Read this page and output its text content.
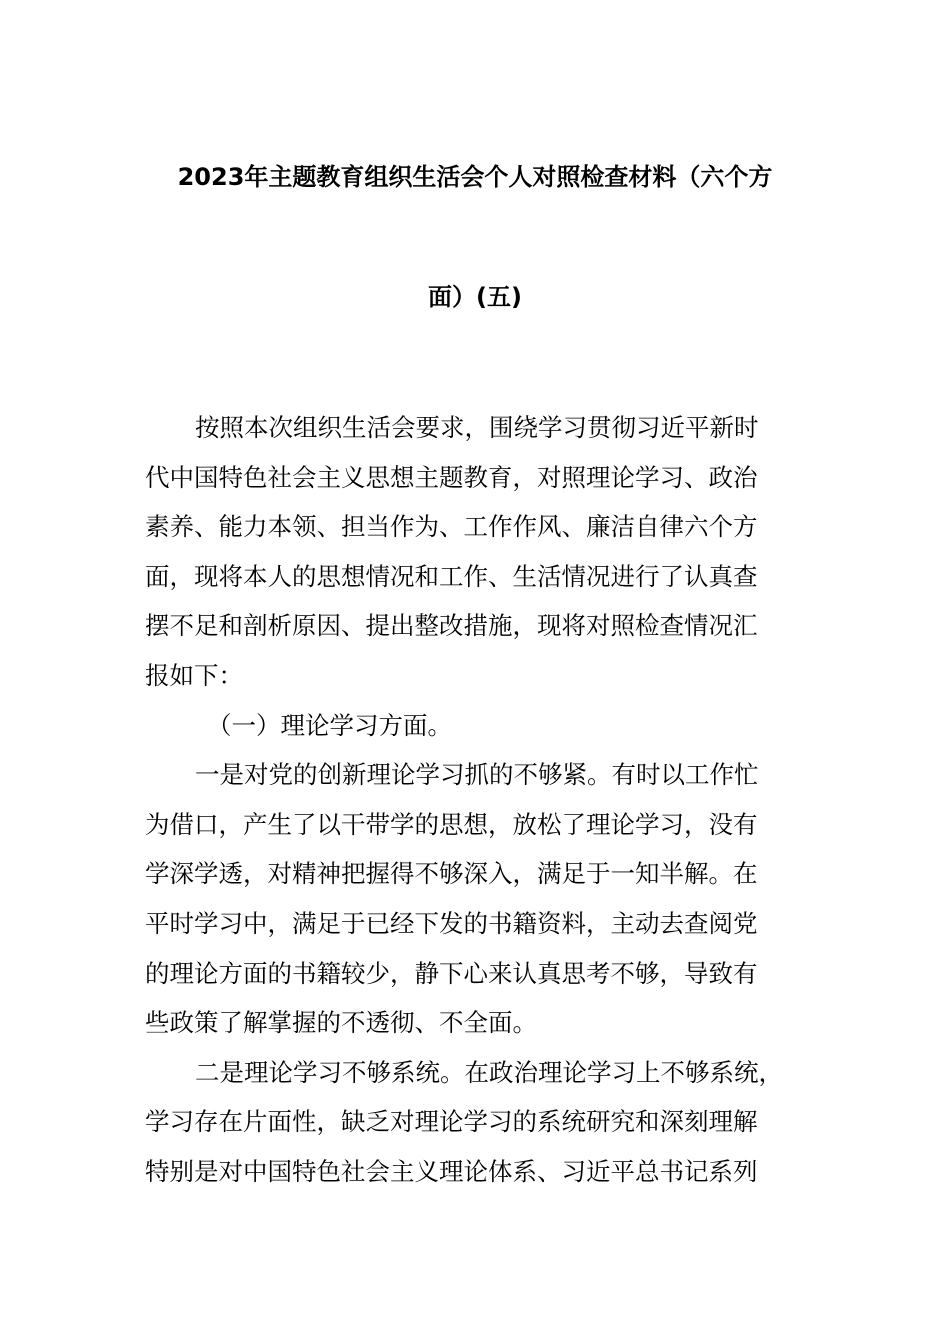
2023年主题教育组织生活会个人对照检查材料（六个方
面）(五)

按照本次组织生活会要求，围绕学习贯彻习近平新时
代中国特色社会主义思想主题教育，对照理论学习、政治
素养、能力本领、担当作为、工作作风、廉洁自律六个方
面，现将本人的思想情况和工作、生活情况进行了认真查
摆不足和剖析原因、提出整改措施，现将对照检查情况汇
报如下：

（一）理论学习方面。

一是对党的创新理论学习抓的不够紧。有时以工作忙
为借口，产生了以干带学的思想，放松了理论学习，没有
学深学透，对精神把握得不够深入，满足于一知半解。在
平时学习中，满足于已经下发的书籍资料，主动去查阅党
的理论方面的书籍较少，静下心来认真思考不够，导致有
些政策了解掌握的不透彻、不全面。

二是理论学习不够系统。在政治理论学习上不够系统，
学习存在片面性，缺乏对理论学习的系统研究和深刻理解
特别是对中国特色社会主义理论体系、习近平总书记系列
